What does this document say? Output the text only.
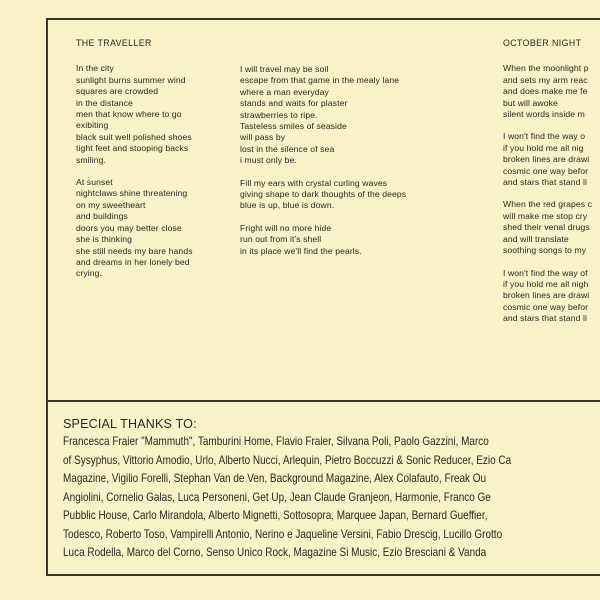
THE TRAVELLER
In the city
sunlight burns summer wind
squares are crowded
in the distance
men that know where to go
exibiting
black suit well polished shoes
tight feet and stooping backs
smiling.
At sunset
nightclaws shine threatening
on my sweetheart
and buildings
doors you may better close
she is thinking
she still needs my bare hands
and dreams in her lonely bed
crying.
I will travel may be soil
escape from that game in the mealy lane
where a man everyday
stands and waits for plaster
strawberries to ripe.
Tasteless smiles of seaside
will pass by
lost in the silence of sea
i must only be.
Fill my ears with crystal curling waves
giving shape to dark thoughts of the deeps
blue is up, blue is down.
Fright will no more hide
run out from it's shell
in its place we'll find the pearls.
OCTOBER NIGHT
When the moonlight p
and sets my arm reac
and does make me fe
but will awoke
silent words inside m
I won't find the way o
if you hold me all nig
broken lines are drawi
cosmic one way befor
and stars that stand li
When the red grapes c
will make me stop cry
shed their venal drugs
and will translate
soothing songs to my
I won't find the way of
if you hold me all nigh
broken lines are drawi
cosmic one way befor
and stars that stand li
SPECIAL THANKS TO:
Francesca Fraier "Mammuth", Tamburini Home, Flavio Fraier, Silvana Poli, Paolo Gazzini, Marco
of Sysyphus, Vittorio Amodio, Urlo, Alberto Nucci, Arlequin, Pietro Boccuzzi & Sonic Reducer, Ezio Ca
Magazine, Vigilio Forelli, Stephan Van de Ven, Background Magazine, Alex Colafauto, Freak Ou
Angiolini, Cornelio Galas, Luca Personeni, Get Up, Jean Claude Granjeon, Harmonie, Franco Ge
Pubblic House, Carlo Mirandola, Alberto Mignetti, Sottosopra, Marquee Japan, Bernard Gueffier,
Todesco, Roberto Toso, Vampirelli Antonio, Nerino e Jaqueline Versini, Fabio Drescig, Lucillo Grotto
Luca Rodella, Marco del Corno, Senso Unico Rock, Magazine Si Music, Ezio Bresciani & Vanda
